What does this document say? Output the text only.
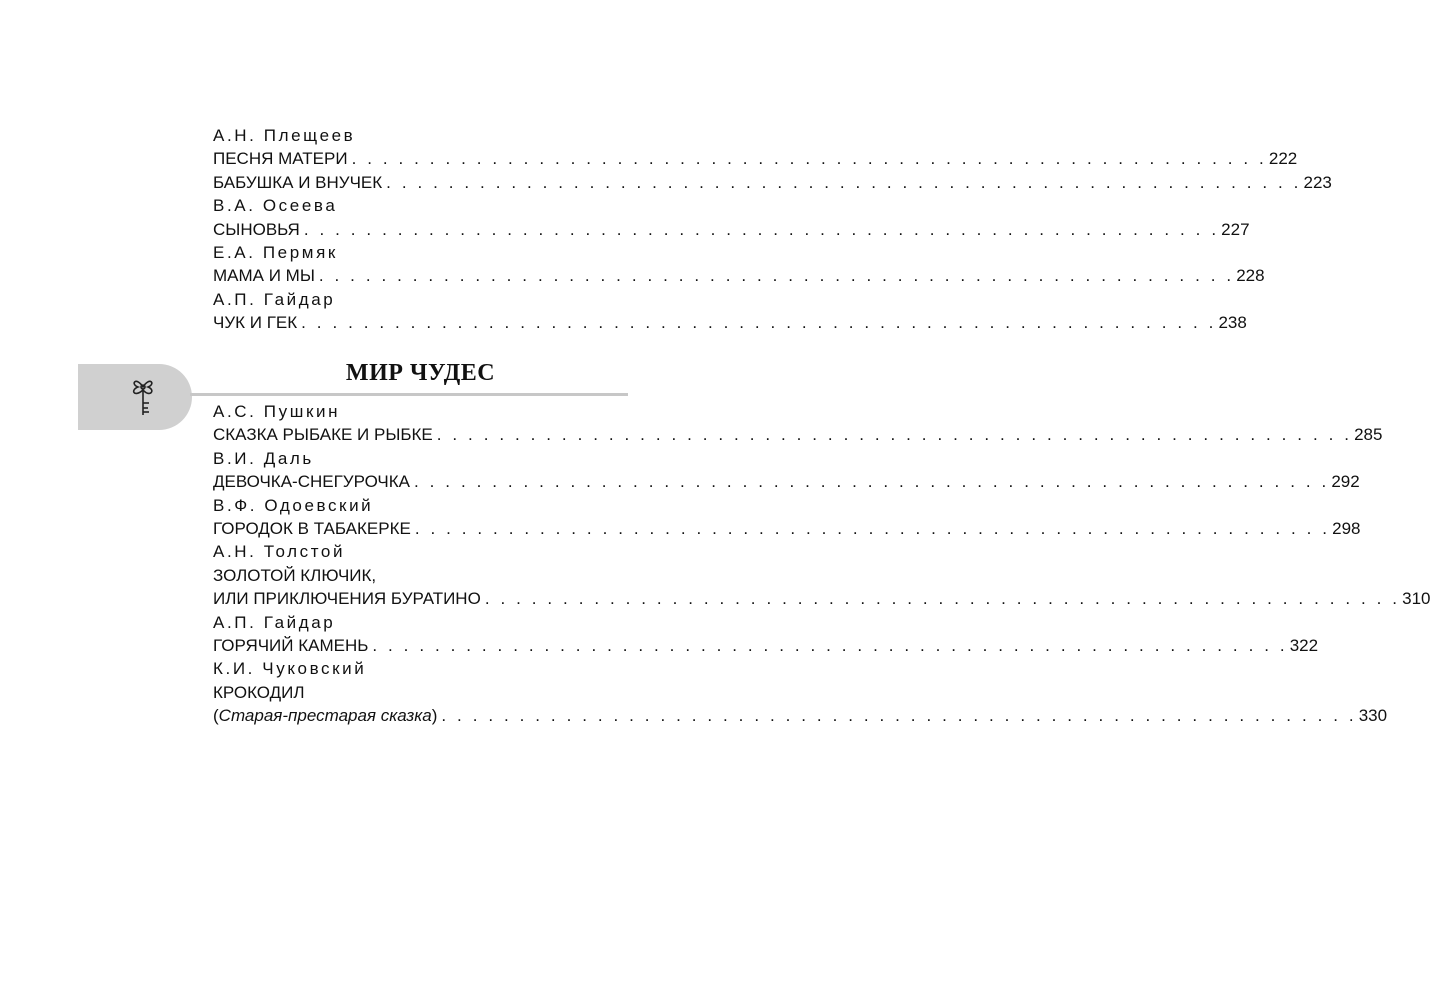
А.Н. Плещеев
ПЕСНЯ МАТЕРИ . . . . . . . . . . . . . . . . . . . . . . . . . . . . . . . . . . . . . . . . . . . . . . . . . . . . . . . . . . . 222
БАБУШКА И ВНУЧЕК . . . . . . . . . . . . . . . . . . . . . . . . . . . . . . . . . . . . . . . . . . . . . . . . . . . . . . . . . . . 223
В.А. Осеева
СЫНОВЬЯ . . . . . . . . . . . . . . . . . . . . . . . . . . . . . . . . . . . . . . . . . . . . . . . . . . . . . . . . . . . 227
Е.А. Пермяк
МАМА И МЫ . . . . . . . . . . . . . . . . . . . . . . . . . . . . . . . . . . . . . . . . . . . . . . . . . . . . . . . . . . . 228
А.П. Гайдар
ЧУК И ГЕК . . . . . . . . . . . . . . . . . . . . . . . . . . . . . . . . . . . . . . . . . . . . . . . . . . . . . . . . . . . 238
МИР ЧУДЕС
А.С. Пушкин
СКАЗКА РЫБАКЕ И РЫБКЕ . . . . . . . . . . . . . . . . . . . . . . . . . . . . . . . . . . . . . . . . . . . . . . . . . . . . . . . . . . . 285
В.И. Даль
ДЕВОЧКА-СНЕГУРОЧКА . . . . . . . . . . . . . . . . . . . . . . . . . . . . . . . . . . . . . . . . . . . . . . . . . . . . . . . . . . . 292
В.Ф. Одоевский
ГОРОДОК В ТАБАКЕРКЕ . . . . . . . . . . . . . . . . . . . . . . . . . . . . . . . . . . . . . . . . . . . . . . . . . . . . . . . . . . . 298
А.Н. Толстой
ЗОЛОТОЙ КЛЮЧИК,
ИЛИ ПРИКЛЮЧЕНИЯ БУРАТИНО . . . . . . . . . . . . . . . . . . . . . . . . . . . . . . . . . . . . . . . . . . . . . . . . . . . . . . . . . . . 310
А.П. Гайдар
ГОРЯЧИЙ КАМЕНЬ . . . . . . . . . . . . . . . . . . . . . . . . . . . . . . . . . . . . . . . . . . . . . . . . . . . . . . . . . . . 322
К.И. Чуковский
КРОКОДИЛ
(Старая-престарая сказка) . . . . . . . . . . . . . . . . . . . . . . . . . . . . . . . . . . . . . . . . . . . . . . . . . . . . . . . . . . . 330
